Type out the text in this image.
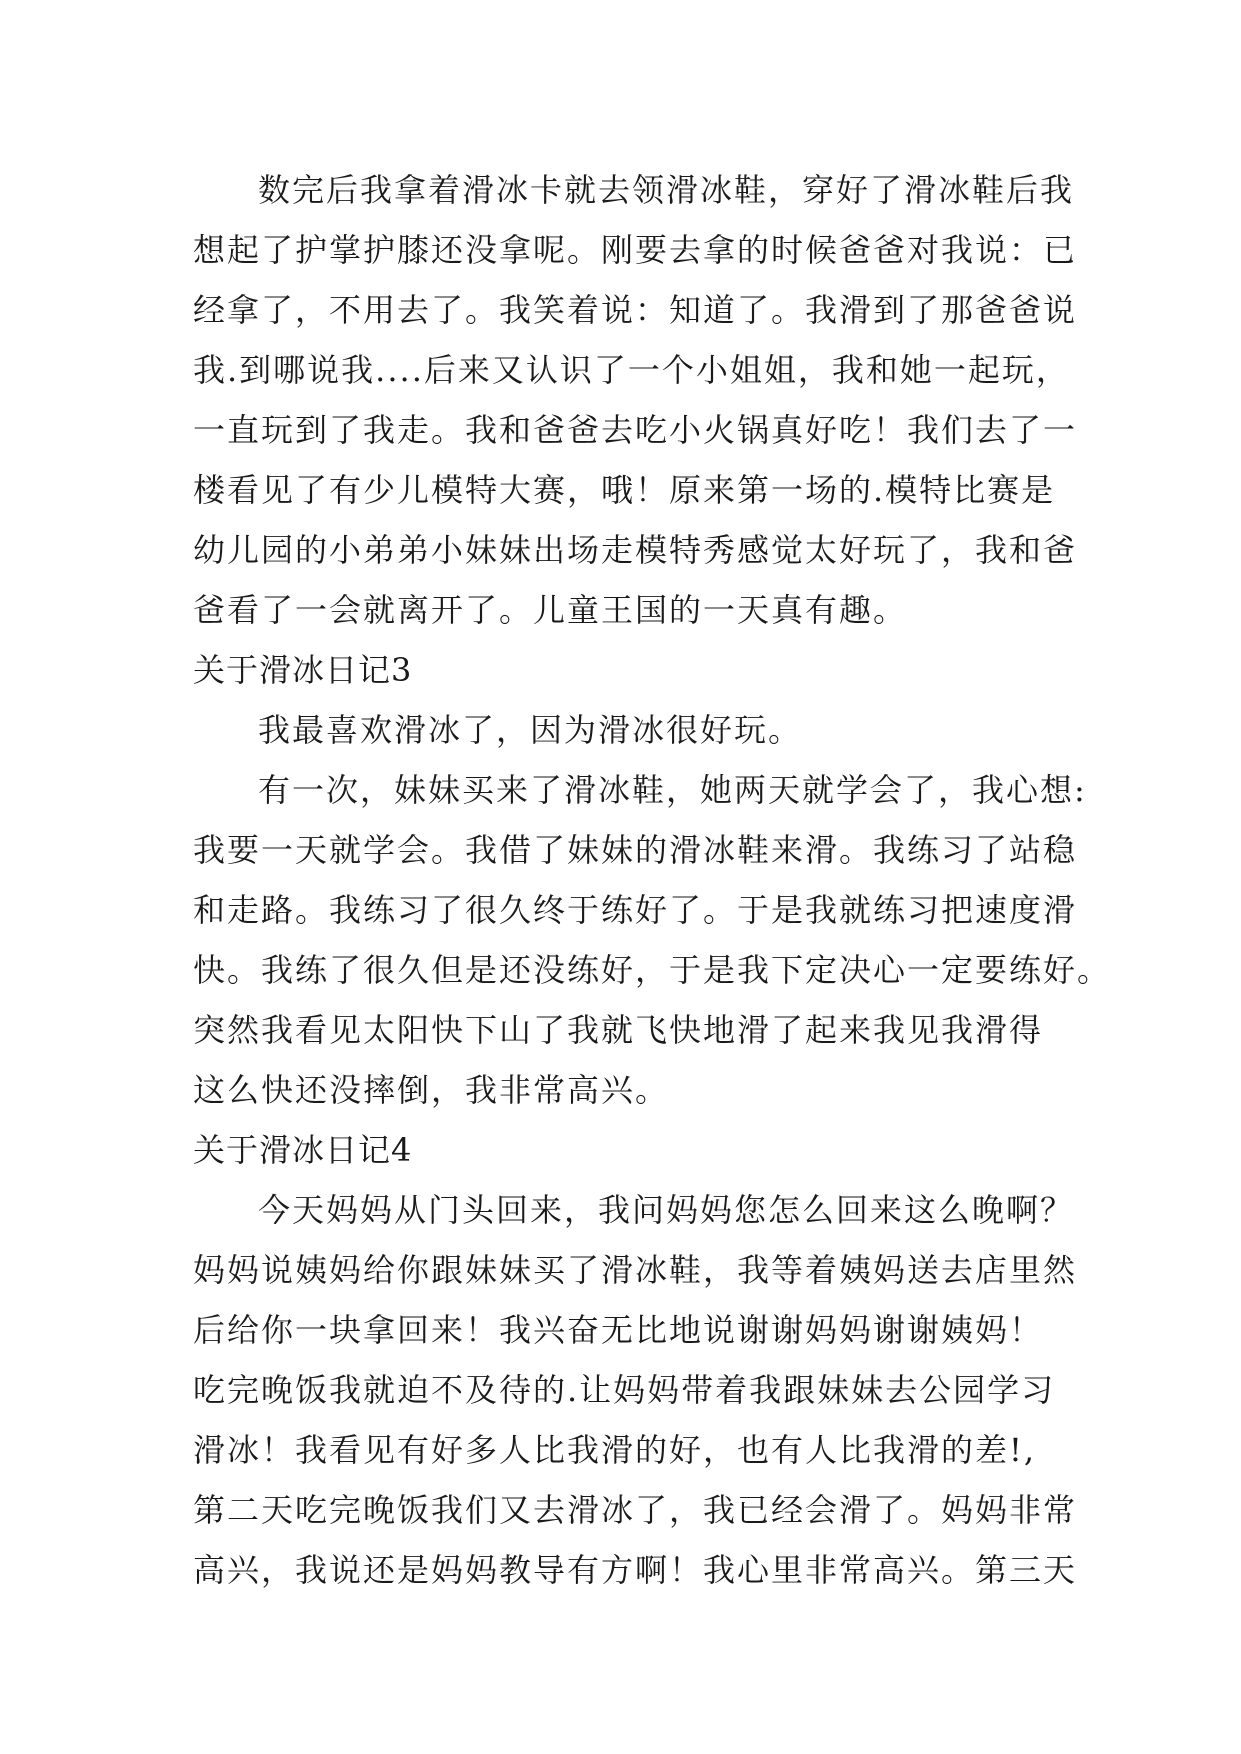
数完后我拿着滑冰卡就去领滑冰鞋，穿好了滑冰鞋后我
想起了护掌护膝还没拿呢。刚要去拿的时候爸爸对我说：已
经拿了，不用去了。我笑着说：知道了。我滑到了那爸爸说
我.到哪说我....后来又认识了一个小姐姐，我和她一起玩，
一直玩到了我走。我和爸爸去吃小火锅真好吃！我们去了一
楼看见了有少儿模特大赛，哦！原来第一场的.模特比赛是
幼儿园的小弟弟小妹妹出场走模特秀感觉太好玩了，我和爸
爸看了一会就离开了。儿童王国的一天真有趣。
关于滑冰日记3
我最喜欢滑冰了，因为滑冰很好玩。
有一次，妹妹买来了滑冰鞋，她两天就学会了，我心想:
我要一天就学会。我借了妹妹的滑冰鞋来滑。我练习了站稳
和走路。我练习了很久终于练好了。于是我就练习把速度滑
快。我练了很久但是还没练好，于是我下定决心一定要练好。
突然我看见太阳快下山了我就飞快地滑了起来我见我滑得
这么快还没摔倒，我非常高兴。
关于滑冰日记4
今天妈妈从门头回来，我问妈妈您怎么回来这么晚啊？
妈妈说姨妈给你跟妹妹买了滑冰鞋，我等着姨妈送去店里然
后给你一块拿回来！我兴奋无比地说谢谢妈妈谢谢姨妈！
吃完晚饭我就迫不及待的.让妈妈带着我跟妹妹去公园学习
滑冰！我看见有好多人比我滑的好，也有人比我滑的差!,
第二天吃完晚饭我们又去滑冰了，我已经会滑了。妈妈非常
高兴，我说还是妈妈教导有方啊！我心里非常高兴。第三天
